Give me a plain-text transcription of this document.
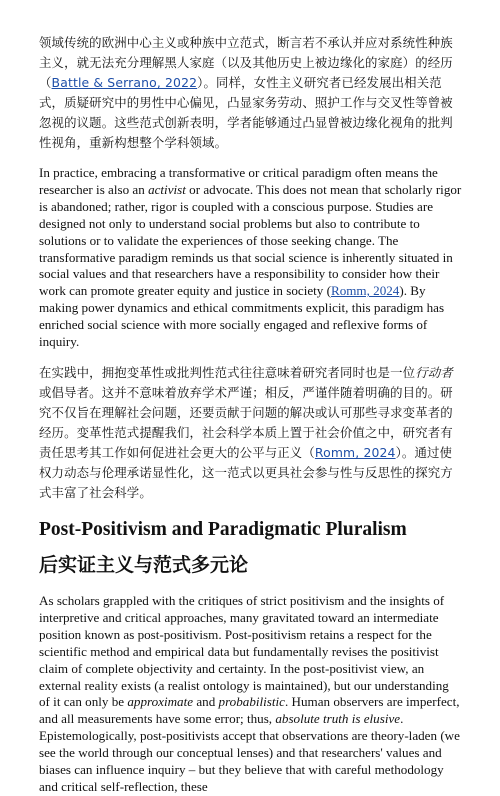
领域传统的欧洲中心主义或种族中立范式，断言若不承认并应对系统性种族主义，就无法充分理解黑人家庭（以及其他历史上被边缘化的家庭）的经历（Battle & Serrano, 2022）。同样，女性主义研究者已经发展出相关范式，质疑研究中的男性中心偏见，凸显家务劳动、照护工作与交叉性等曾被忽视的议题。这些范式创新表明，学者能够通过凸显曾被边缘化视角的批判性视角，重新构想整个学科领域。

In practice, embracing a transformative or critical paradigm often means the researcher is also an activist or advocate. This does not mean that scholarly rigor is abandoned; rather, rigor is coupled with a conscious purpose. Studies are designed not only to understand social problems but also to contribute to solutions or to validate the experiences of those seeking change. The transformative paradigm reminds us that social science is inherently situated in social values and that researchers have a responsibility to consider how their work can promote greater equity and justice in society (Romm, 2024). By making power dynamics and ethical commitments explicit, this paradigm has enriched social science with more socially engaged and reflexive forms of inquiry.

在实践中，拥抱变革性或批判性范式往往意味着研究者同时也是一位行动者或倡导者。这并不意味着放弃学术严谨；相反，严谨伴随着明确的目的。研究不仅旨在理解社会问题，还要贡献于问题的解决或认可那些寻求变革者的经历。变革性范式提醒我们，社会科学本质上置于社会价值之中，研究者有责任思考其工作如何促进社会更大的公平与正义（Romm, 2024）。通过使权力动态与伦理承诺显性化，这一范式以更具社会参与性与反思性的探究方式丰富了社会科学。

Post-Positivism and Paradigmatic Pluralism
后实证主义与范式多元论

As scholars grappled with the critiques of strict positivism and the insights of interpretive and critical approaches, many gravitated toward an intermediate position known as post-positivism. Post-positivism retains a respect for the scientific method and empirical data but fundamentally revises the positivist claim of complete objectivity and certainty. In the post-positivist view, an external reality exists (a realist ontology is maintained), but our understanding of it can only be approximate and probabilistic. Human observers are imperfect, and all measurements have some error; thus, absolute truth is elusive. Epistemologically, post-positivists accept that observations are theory-laden (we see the world through our conceptual lenses) and that researchers' values and biases can influence inquiry – but they believe that with careful methodology and critical self-reflection, these
